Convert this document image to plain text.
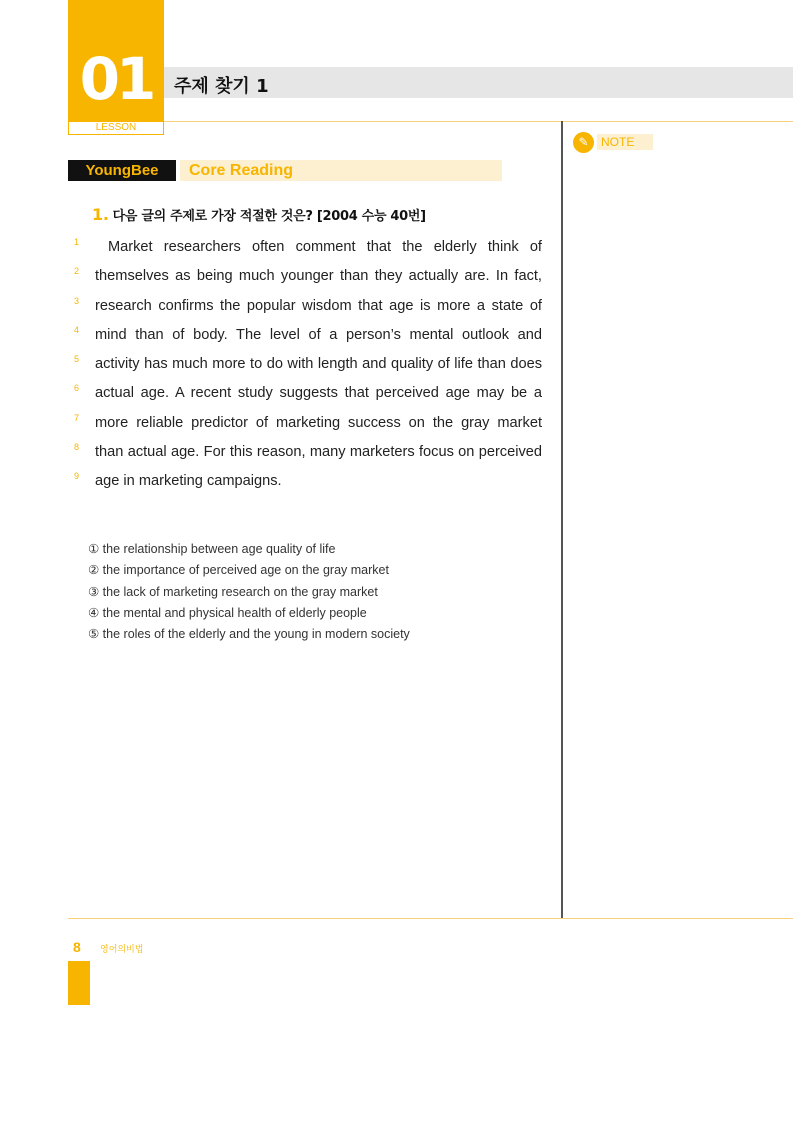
01
LESSON
주제 찾기 1
✎	NOTE
YoungBee	Core Reading
1. 다음 글의 주제로 가장 적절한 것은? [2004 수능 40번]
1	Market researchers often comment that the elderly think of
2	themselves as being much younger than they actually are. In fact,
3	research confirms the popular wisdom that age is more a state of
4	mind than of body. The level of a person’s mental outlook and
5	activity has much more to do with length and quality of life than does
6	actual age. A recent study suggests that perceived age may be a
7	more reliable predictor of marketing success on the gray market
8	than actual age. For this reason, many marketers focus on perceived
9	age in marketing campaigns.
① the relationship between age quality of life
② the importance of perceived age on the gray market
③ the lack of marketing research on the gray market
④ the mental and physical health of elderly people
⑤ the roles of the elderly and the young in modern society
8 영어의비법
